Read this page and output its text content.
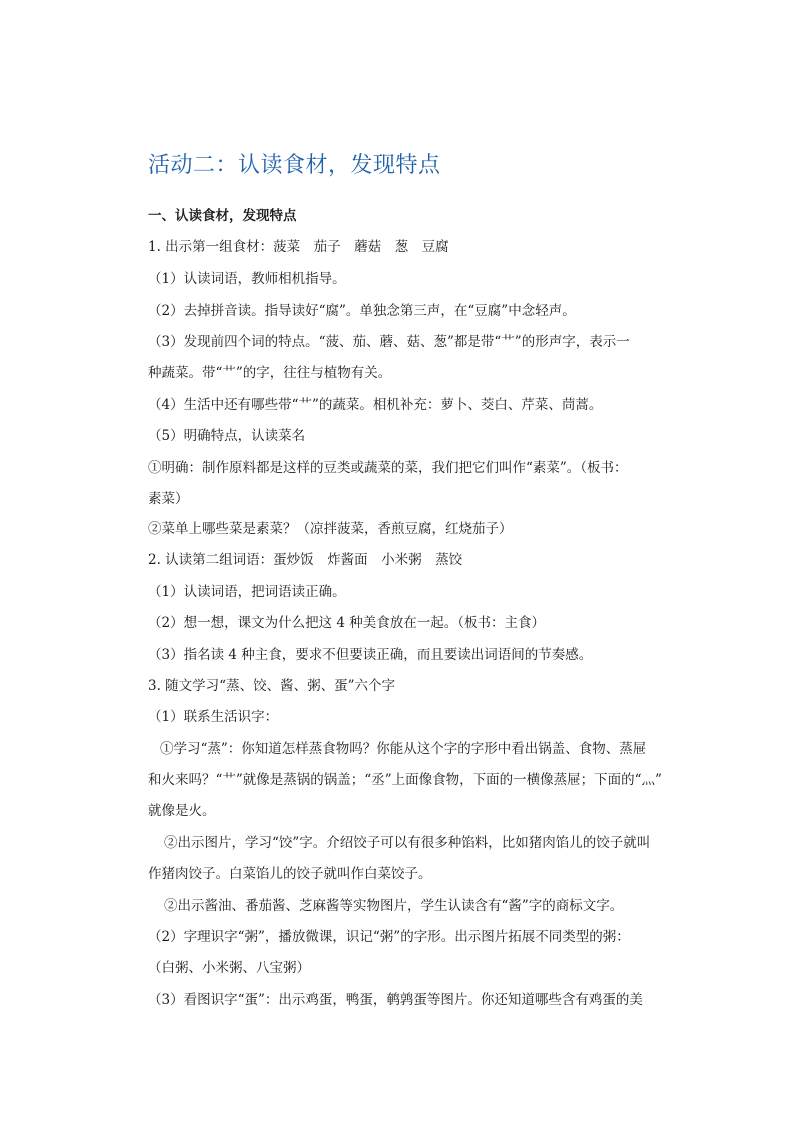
活动二：认读食材，发现特点
一、认读食材，发现特点
1. 出示第一组食材：菠菜　茄子　蘑菇　葱　豆腐
（1）认读词语，教师相机指导。
（2）去掉拼音读。指导读好“腐”。单独念第三声，在“豆腐”中念轻声。
（3）发现前四个词的特点。“菠、茄、蘑、菇、葱”都是带“艹”的形声字，表示一
种蔬菜。带“艹”的字，往往与植物有关。
（4）生活中还有哪些带“艹”的蔬菜。相机补充：萝卜、茭白、芹菜、茼蒿。
（5）明确特点，认读菜名
①明确：制作原料都是这样的豆类或蔬菜的菜，我们把它们叫作“素菜”。（板书：
素菜）
②菜单上哪些菜是素菜？（凉拌菠菜，香煎豆腐，红烧茄子）
2. 认读第二组词语：蛋炒饭　炸酱面　小米粥　蒸饺
（1）认读词语，把词语读正确。
（2）想一想，课文为什么把这 4 种美食放在一起。（板书：主食）
（3）指名读 4 种主食，要求不但要读正确，而且要读出词语间的节奏感。
3. 随文学习“蒸、饺、酱、粥、蛋”六个字
（1）联系生活识字：
①学习“蒸”：你知道怎样蒸食物吗？你能从这个字的字形中看出锅盖、食物、蒸屉
和火来吗？“艹”就像是蒸锅的锅盖；“丞”上面像食物，下面的一横像蒸屉；下面的“灬”
就像是火。
②出示图片，学习“饺”字。介绍饺子可以有很多种馅料，比如猪肉馅儿的饺子就叫
作猪肉饺子。白菜馅儿的饺子就叫作白菜饺子。
②出示酱油、番茄酱、芝麻酱等实物图片，学生认读含有“酱”字的商标文字。
（2）字理识字“粥”，播放微课，识记“粥”的字形。出示图片拓展不同类型的粥：
（白粥、小米粥、八宝粥）
（3）看图识字“蛋”：出示鸡蛋，鸭蛋，鹌鹑蛋等图片。你还知道哪些含有鸡蛋的美
